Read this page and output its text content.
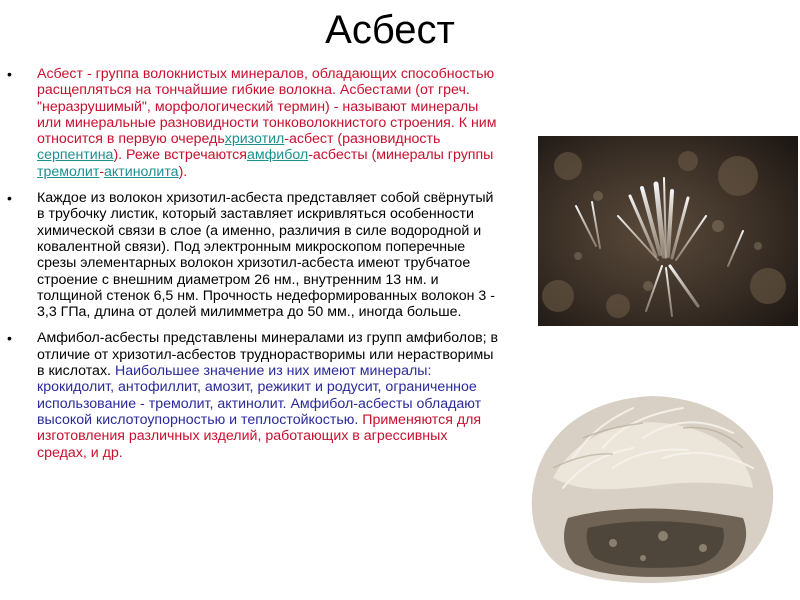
Асбест
• Асбест - группа волокнистых минералов, обладающих способностью расщепляться на тончайшие гибкие волокна. Асбестами (от греч. "неразрушимый", морфологический термин) - называют минералы или минеральные разновидности тонковолокнистого строения. К ним относится в первую очередьхризотил-асбест (разновидность серпентина). Реже встречаютсяамфибол-асбесты (минералы группы тремолит-актинолита).
• Каждое из волокон хризотил-асбеста представляет собой свёрнутый в трубочку листик, который заставляет искривляться особенности химической связи в слое (а именно, различия в силе водородной и ковалентной связи). Под электронным микроскопом поперечные срезы элементарных волокон хризотил-асбеста имеют трубчатое строение с внешним диаметром 26 нм., внутренним 13 нм. и толщиной стенок 6,5 нм. Прочность недеформированных волокон 3 - 3,3 ГПа, длина от долей милимметра до 50 мм., иногда больше.
• Амфибол-асбесты представлены минералами из групп амфиболов; в отличие от хризотил-асбестов труднорастворимы или нерастворимы в кислотах. Наибольшее значение из них имеют минералы: крокидолит, антофиллит, амозит, режикит и родусит, ограниченное использование - тремолит, актинолит. Амфибол-асбесты обладают высокой кислотоупорностью и теплостойкостью. Применяются для изготовления различных изделий, работающих в агрессивных средах, и др.
